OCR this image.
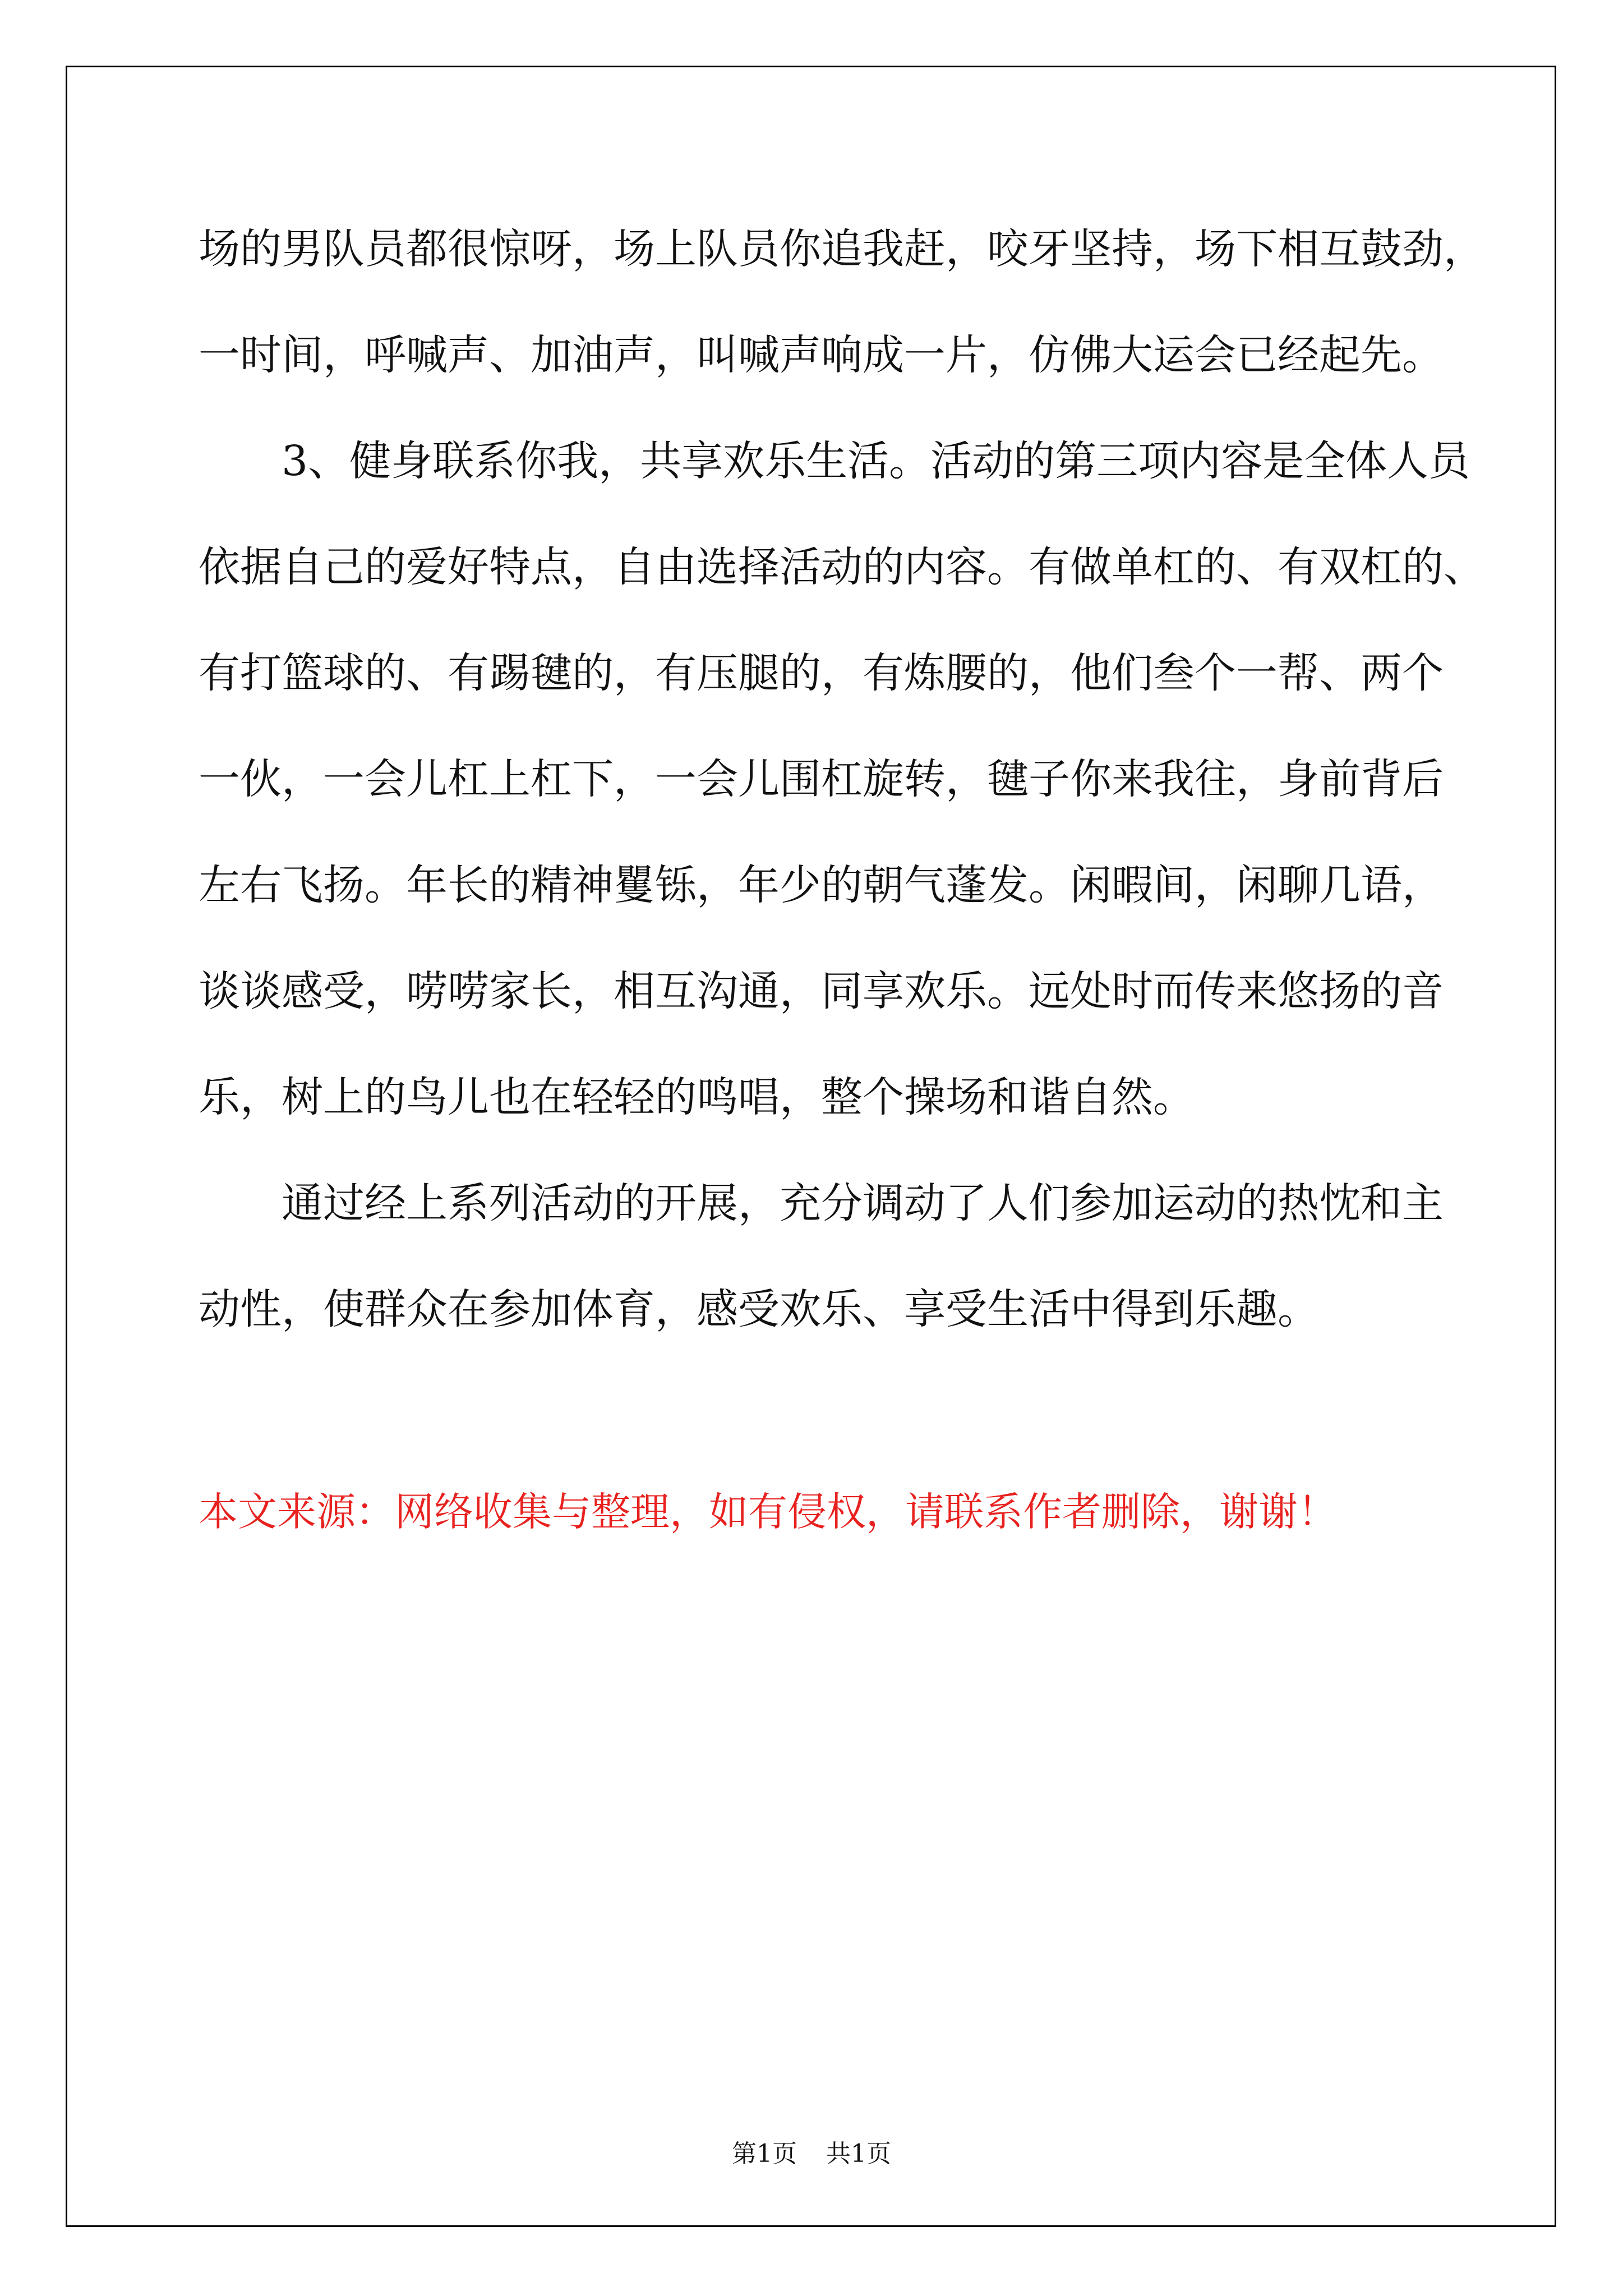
场的男队员都很惊呀，场上队员你追我赶，咬牙坚持，场下相互鼓劲，
一时间，呼喊声、加油声，叫喊声响成一片，仿佛大运会已经起先。

3、健身联系你我，共享欢乐生活。活动的第三项内容是全体人员
依据自己的爱好特点，自由选择活动的内容。有做单杠的、有双杠的、
有打篮球的、有踢毽的，有压腿的，有炼腰的，他们叁个一帮、两个
一伙，一会儿杠上杠下，一会儿围杠旋转，毽子你来我往，身前背后
左右飞扬。年长的精神矍铄，年少的朝气蓬发。闲暇间，闲聊几语，
谈谈感受，唠唠家长，相互沟通，同享欢乐。远处时而传来悠扬的音
乐，树上的鸟儿也在轻轻的鸣唱，整个操场和谐自然。

通过经上系列活动的开展，充分调动了人们参加运动的热忱和主
动性，使群众在参加体育，感受欢乐、享受生活中得到乐趣。

本文来源：网络收集与整理，如有侵权，请联系作者删除，谢谢！
第1页 共1页
